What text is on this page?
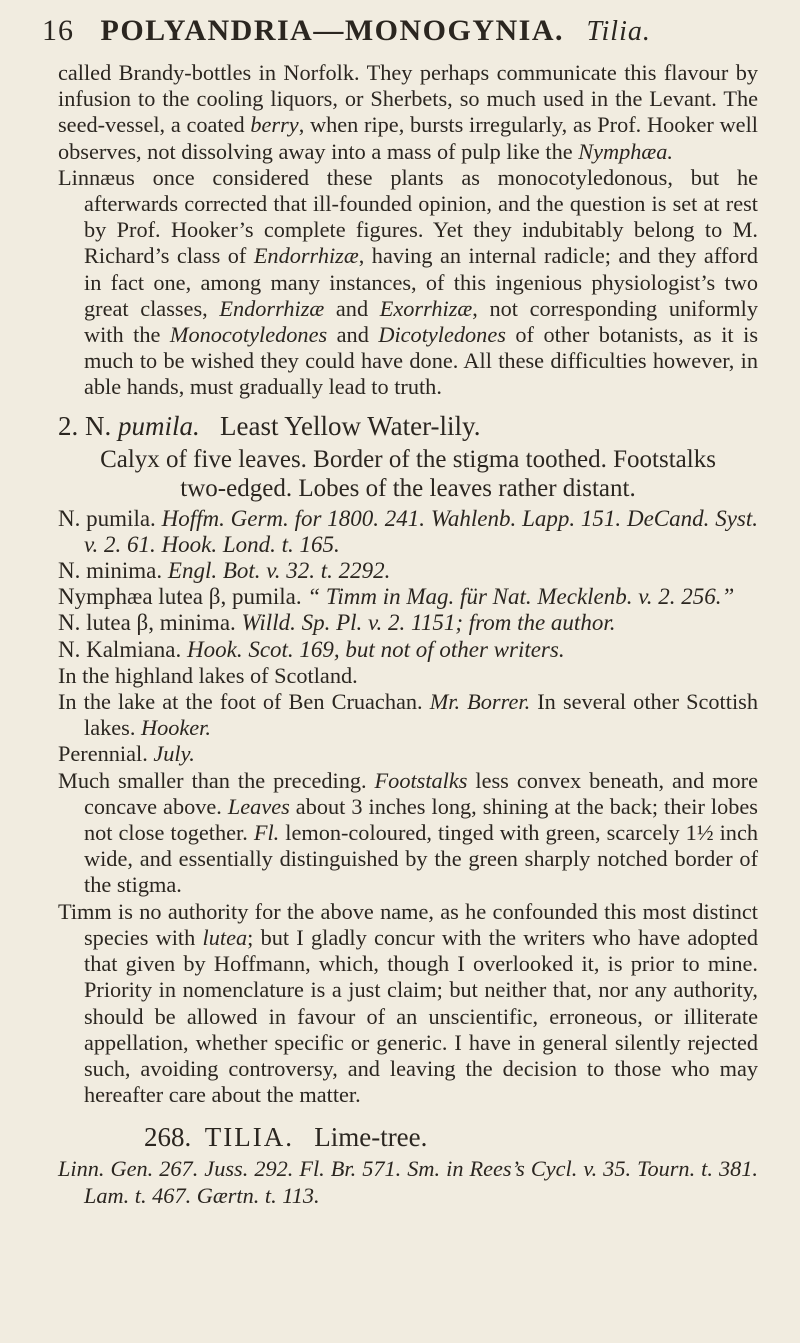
16 POLYANDRIA—MONOGYNIA. Tilia.

called Brandy-bottles in Norfolk. They perhaps communicate this flavour by infusion to the cooling liquors, or Sherbets, so much used in the Levant. The seed-vessel, a coated berry, when ripe, bursts irregularly, as Prof. Hooker well observes, not dissolving away into a mass of pulp like the Nymphæa.

Linnæus once considered these plants as monocotyledonous, but he afterwards corrected that ill-founded opinion, and the question is set at rest by Prof. Hooker’s complete figures. Yet they indubitably belong to M. Richard’s class of Endorrhizæ, having an internal radicle; and they afford in fact one, among many instances, of this ingenious physiologist’s two great classes, Endorrhizæ and Exorrhizæ, not corresponding uniformly with the Monocotyledones and Dicotyledones of other botanists, as it is much to be wished they could have done. All these difficulties however, in able hands, must gradually lead to truth.

2. N. pumila. Least Yellow Water-lily.

Calyx of five leaves. Border of the stigma toothed. Footstalks two-edged. Lobes of the leaves rather distant.

N. pumila. Hoffm. Germ. for 1800. 241. Wahlenb. Lapp. 151. DeCand. Syst. v. 2. 61. Hook. Lond. t. 165.

N. minima. Engl. Bot. v. 32. t. 2292.

Nymphæa lutea β, pumila. “ Timm in Mag. für Nat. Mecklenb. v. 2. 256.”

N. lutea β, minima. Willd. Sp. Pl. v. 2. 1151; from the author.

N. Kalmiana. Hook. Scot. 169, but not of other writers.

In the highland lakes of Scotland.

In the lake at the foot of Ben Cruachan. Mr. Borrer. In several other Scottish lakes. Hooker.

Perennial. July.

Much smaller than the preceding. Footstalks less convex beneath, and more concave above. Leaves about 3 inches long, shining at the back; their lobes not close together. Fl. lemon-coloured, tinged with green, scarcely 1½ inch wide, and essentially distinguished by the green sharply notched border of the stigma.

Timm is no authority for the above name, as he confounded this most distinct species with lutea; but I gladly concur with the writers who have adopted that given by Hoffmann, which, though I overlooked it, is prior to mine. Priority in nomenclature is a just claim; but neither that, nor any authority, should be allowed in favour of an unscientific, erroneous, or illiterate appellation, whether specific or generic. I have in general silently rejected such, avoiding controversy, and leaving the decision to those who may hereafter care about the matter.

268. TILIA. Lime-tree.

Linn. Gen. 267. Juss. 292. Fl. Br. 571. Sm. in Rees’s Cycl. v. 35. Tourn. t. 381. Lam. t. 467. Gærtn. t. 113.
